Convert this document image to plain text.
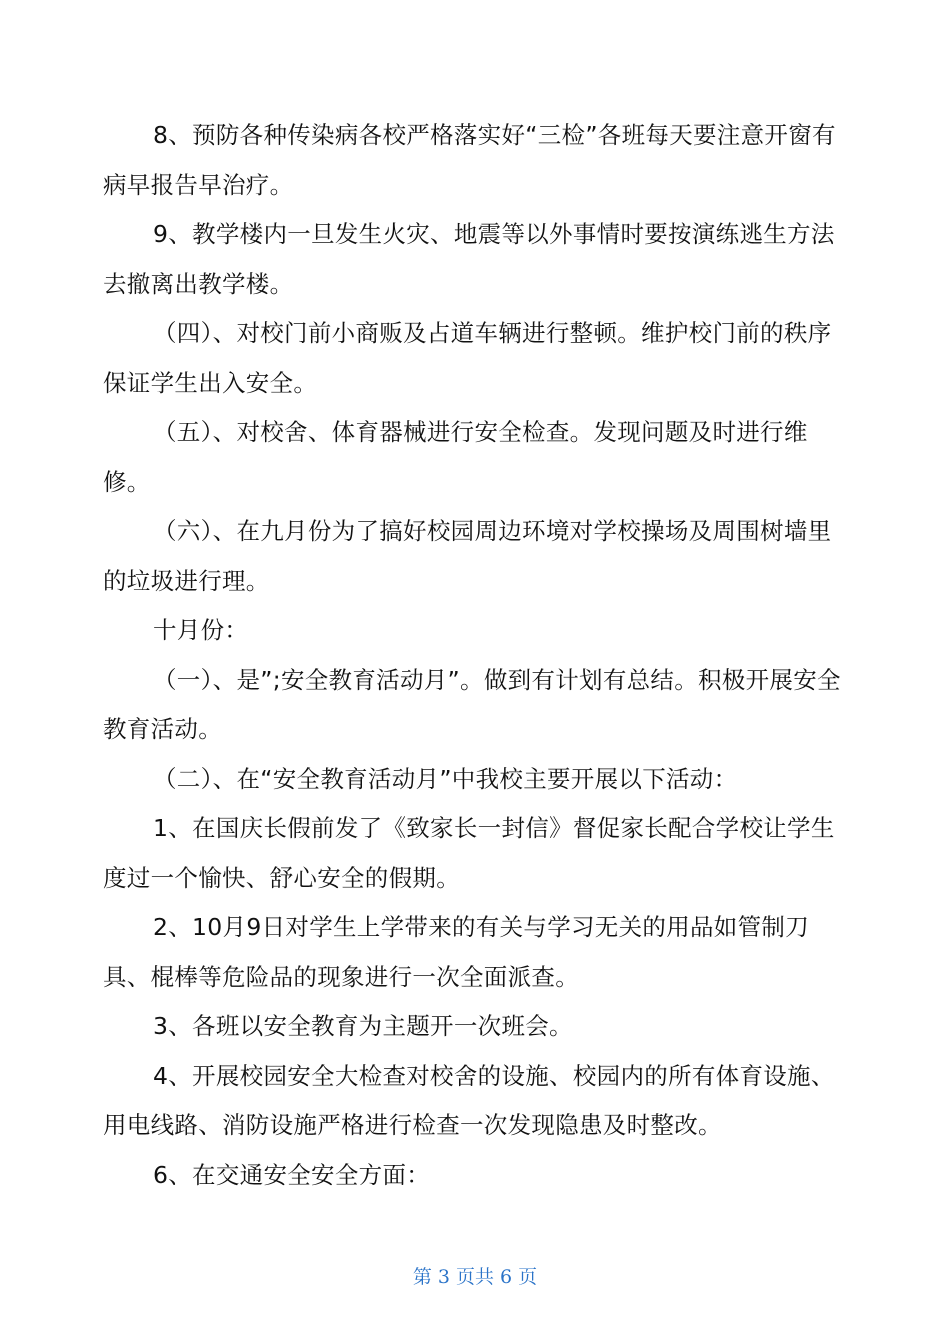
8、预防各种传染病各校严格落实好“三检”各班每天要注意开窗有病早报告早治疗。

9、教学楼内一旦发生火灾、地震等以外事情时要按演练逃生方法去撤离出教学楼。

（四）、对校门前小商贩及占道车辆进行整顿。维护校门前的秩序保证学生出入安全。

（五）、对校舍、体育器械进行安全检查。发现问题及时进行维修。

（六）、在九月份为了搞好校园周边环境对学校操场及周围树墙里的垃圾进行理。

十月份：

（一）、是”;安全教育活动月”。做到有计划有总结。积极开展安全教育活动。

（二）、在“安全教育活动月”中我校主要开展以下活动：

1、在国庆长假前发了《致家长一封信》督促家长配合学校让学生度过一个愉快、舒心安全的假期。

2、10月9日对学生上学带来的有关与学习无关的用品如管制刀具、棍棒等危险品的现象进行一次全面派查。

3、各班以安全教育为主题开一次班会。

4、开展校园安全大检查对校舍的设施、校园内的所有体育设施、用电线路、消防设施严格进行检查一次发现隐患及时整改。

6、在交通安全安全方面：

第 3 页共 6 页
